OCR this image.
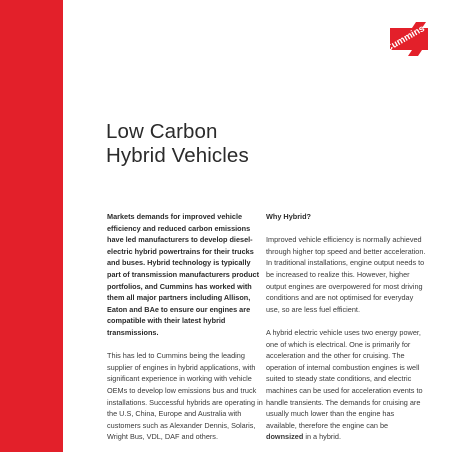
Cummins
Low Carbon
Hybrid Vehicles

Markets demands for improved vehicle efficiency and reduced carbon emissions have led manufacturers to develop diesel-electric hybrid powertrains for their trucks and buses. Hybrid technology is typically part of transmission manufacturers product portfolios, and Cummins has worked with them all major partners including Allison, Eaton and BAe to ensure our engines are compatible with their latest hybrid transmissions.

This has led to Cummins being the leading supplier of engines in hybrid applications, with significant experience in working with vehicle OEMs to develop low emissions bus and truck installations. Successful hybrids are operating in the U.S, China, Europe and Australia with customers such as Alexander Dennis, Solaris, Wright Bus, VDL, DAF and others.

Why Hybrid?

Improved vehicle efficiency is normally achieved through higher top speed and better acceleration. In traditional installations, engine output needs to be increased to realize this. However, higher output engines are overpowered for most driving conditions and are not optimised for everyday use, so are less fuel efficient.

A hybrid electric vehicle uses two energy power, one of which is electrical. One is primarily for acceleration and the other for cruising. The operation of internal combustion engines is well suited to steady state conditions, and electric machines can be used for acceleration events to handle transients. The demands for cruising are usually much lower than the engine has available, therefore the engine can be downsized in a hybrid.
